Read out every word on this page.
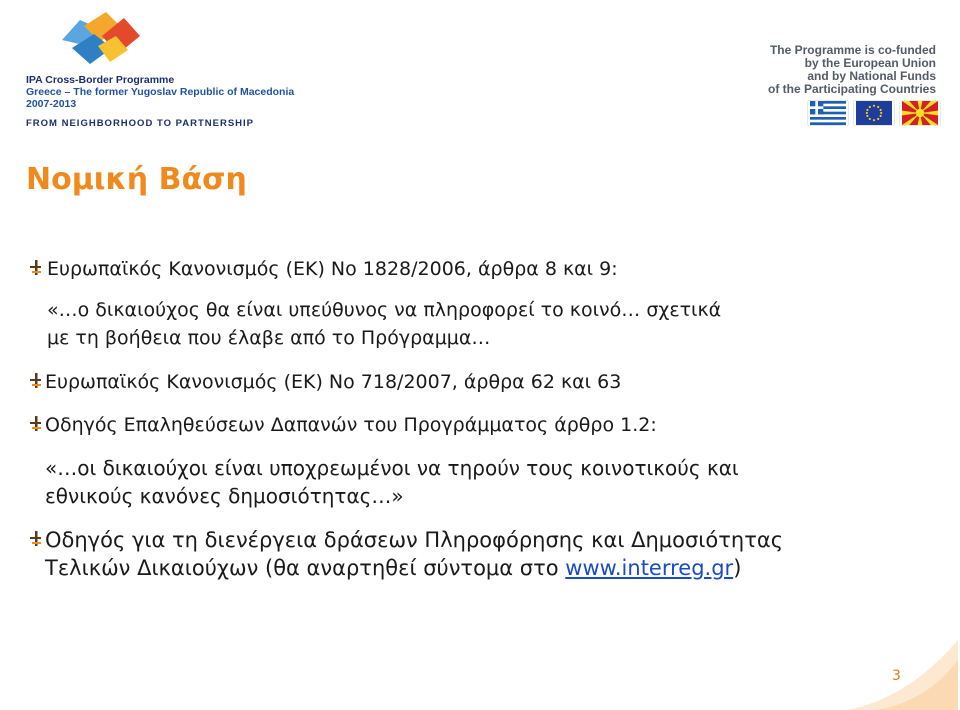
IPA Cross-Border Programme
Greece – The former Yugoslav Republic of Macedonia
2007-2013
FROM NEIGHBORHOOD TO PARTNERSHIP
The Programme is co-funded
by the European Union
and by National Funds
of the Participating Countries
Νομική Βάση
Ευρωπαϊκός Κανονισμός (ΕΚ) Νο 1828/2006, άρθρα 8 και 9:
«…ο δικαιούχος θα είναι υπεύθυνος να πληροφορεί το κοινό… σχετικά
με τη βοήθεια που έλαβε από το Πρόγραμμα…
Ευρωπαϊκός Κανονισμός (ΕΚ) Νο 718/2007, άρθρα 62 και 63
Οδηγός Επαληθεύσεων Δαπανών του Προγράμματος άρθρο 1.2:
«…οι δικαιούχοι είναι υποχρεωμένοι να τηρούν τους κοινοτικούς και
εθνικούς κανόνες δημοσιότητας…»
Οδηγός για τη διενέργεια δράσεων Πληροφόρησης και Δημοσιότητας
Τελικών Δικαιούχων (θα αναρτηθεί σύντομα στο www.interreg.gr)
3
